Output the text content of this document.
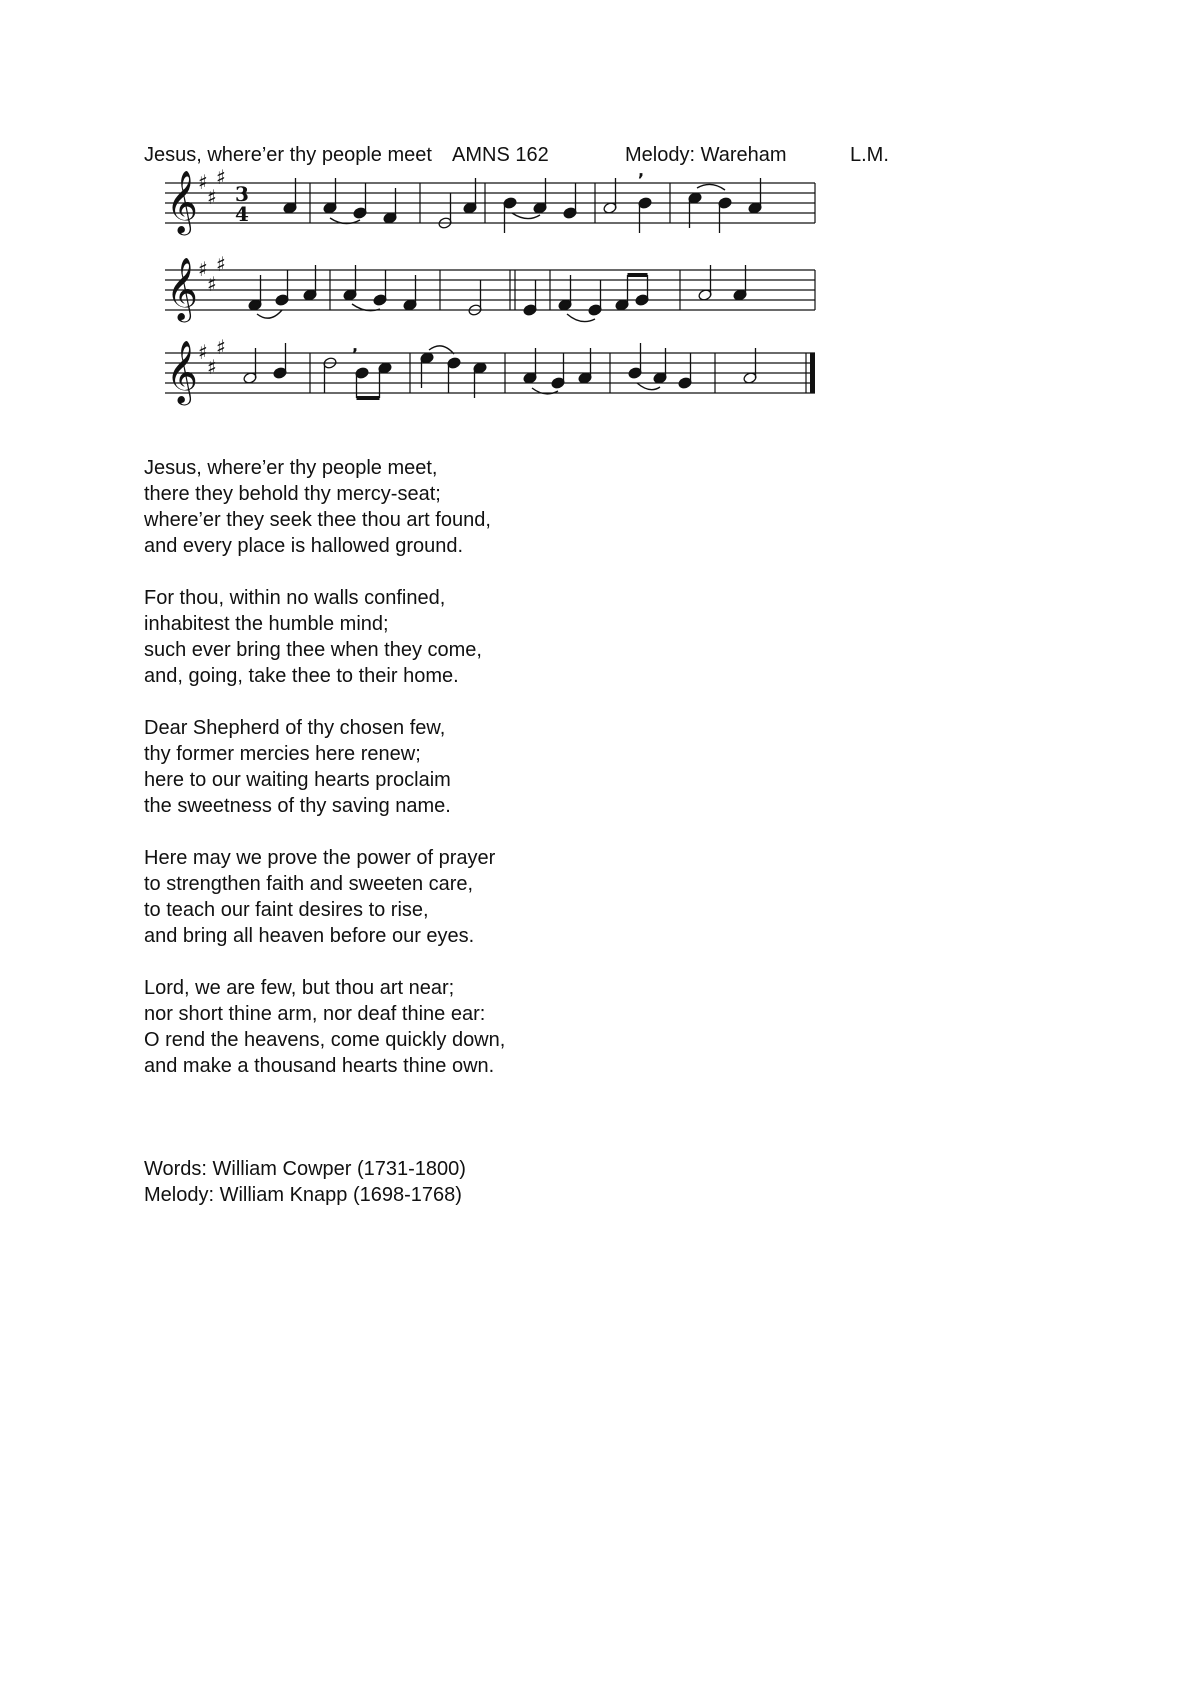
Jesus, where’er thy people meet AMNS 162	Melody: Wareham	L.M.
𝄞
𝄞
𝄞
♯
♯
♯
♯
♯
♯
♯
♯
♯
3
4
,
,
Jesus, where’er thy people meet,
there they behold thy mercy-seat;
where’er they seek thee thou art found,
and every place is hallowed ground.
For thou, within no walls confined,
inhabitest the humble mind;
such ever bring thee when they come,
and, going, take thee to their home.
Dear Shepherd of thy chosen few,
thy former mercies here renew;
here to our waiting hearts proclaim
the sweetness of thy saving name.
Here may we prove the power of prayer
to strengthen faith and sweeten care,
to teach our faint desires to rise,
and bring all heaven before our eyes.
Lord, we are few, but thou art near;
nor short thine arm, nor deaf thine ear:
O rend the heavens, come quickly down,
and make a thousand hearts thine own.
Words: William Cowper (1731-1800)
Melody: William Knapp (1698-1768)
